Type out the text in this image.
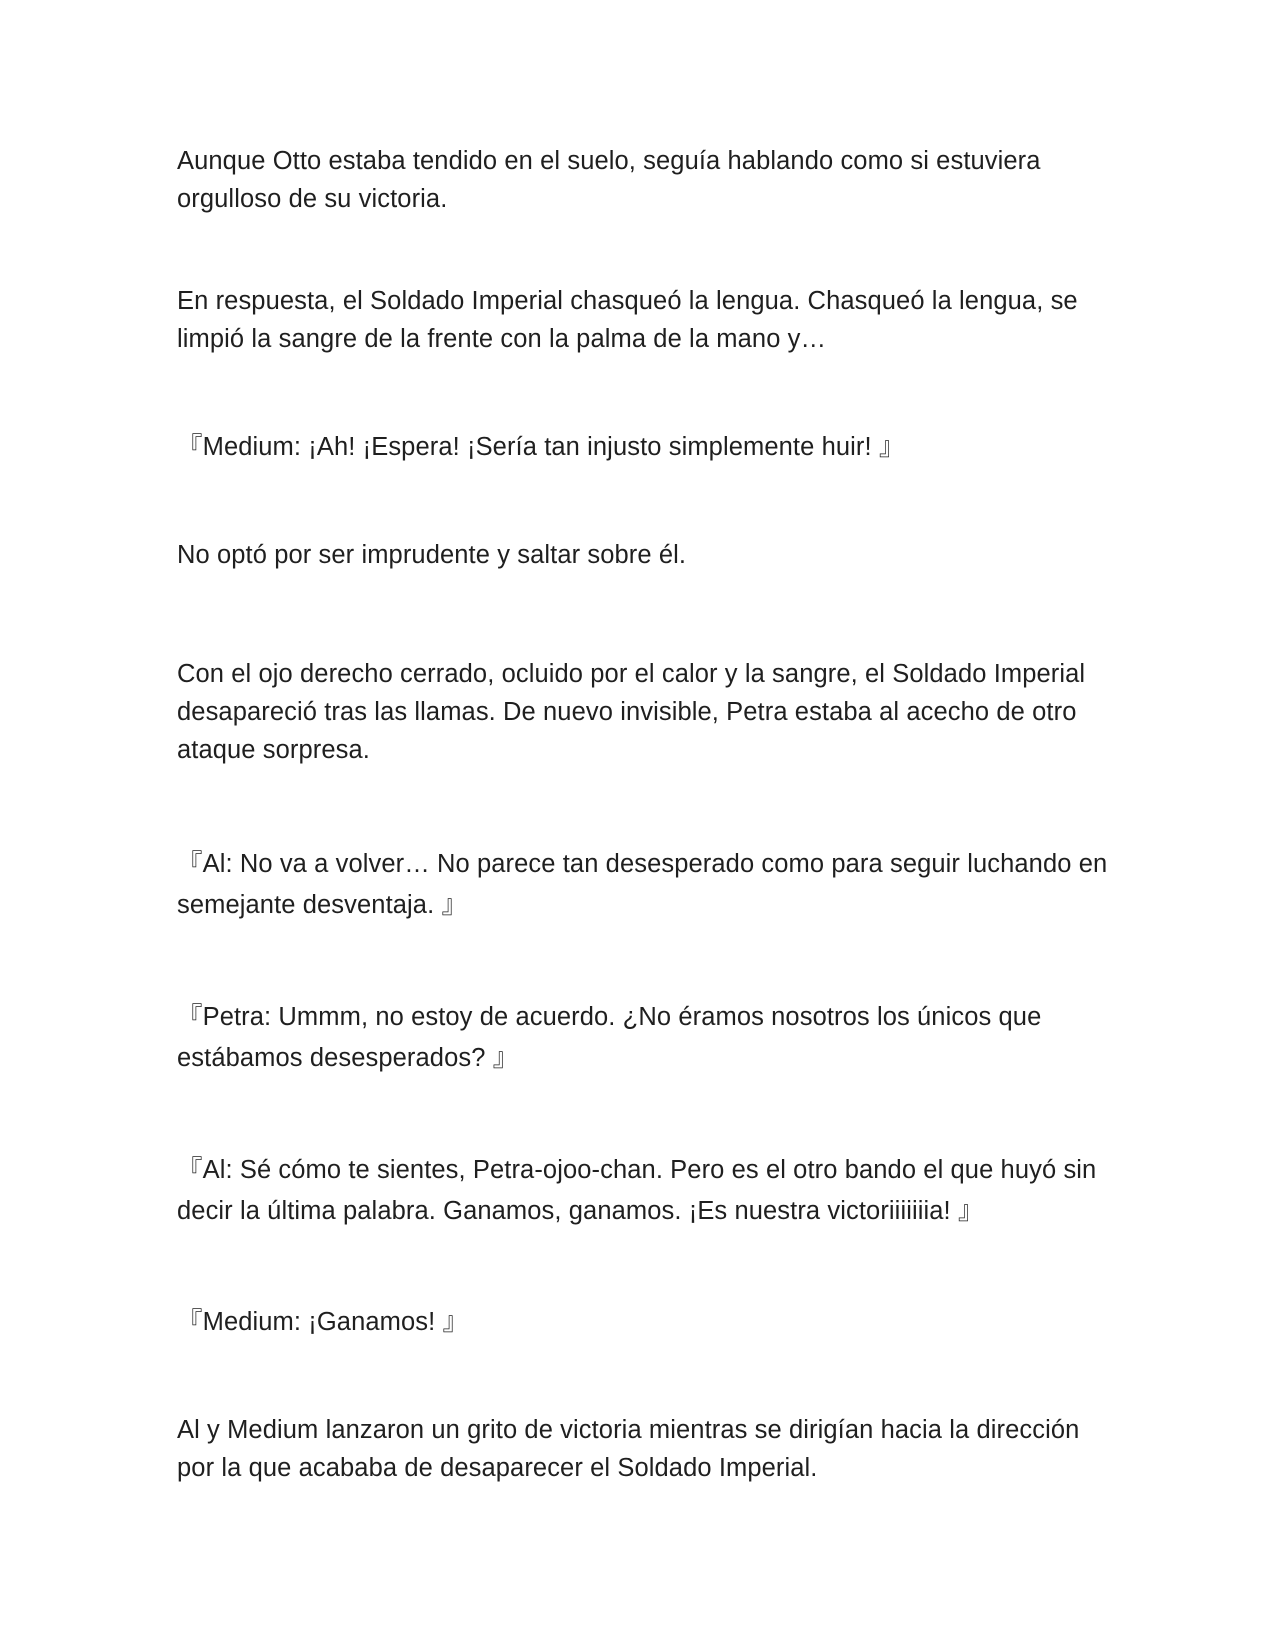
Aunque Otto estaba tendido en el suelo, seguía hablando como si estuviera orgulloso de su victoria.

En respuesta, el Soldado Imperial chasqueó la lengua. Chasqueó la lengua, se limpió la sangre de la frente con la palma de la mano y…

『Medium: ¡Ah! ¡Espera! ¡Sería tan injusto simplemente huir! 』

No optó por ser imprudente y saltar sobre él.

Con el ojo derecho cerrado, ocluido por el calor y la sangre, el Soldado Imperial desapareció tras las llamas. De nuevo invisible, Petra estaba al acecho de otro ataque sorpresa.

『Al: No va a volver… No parece tan desesperado como para seguir luchando en semejante desventaja. 』

『Petra: Ummm, no estoy de acuerdo. ¿No éramos nosotros los únicos que estábamos desesperados? 』

『Al: Sé cómo te sientes, Petra-ojoo-chan. Pero es el otro bando el que huyó sin decir la última palabra. Ganamos, ganamos. ¡Es nuestra victoriiiiiiia! 』

『Medium: ¡Ganamos! 』

Al y Medium lanzaron un grito de victoria mientras se dirigían hacia la dirección por la que acababa de desaparecer el Soldado Imperial.
